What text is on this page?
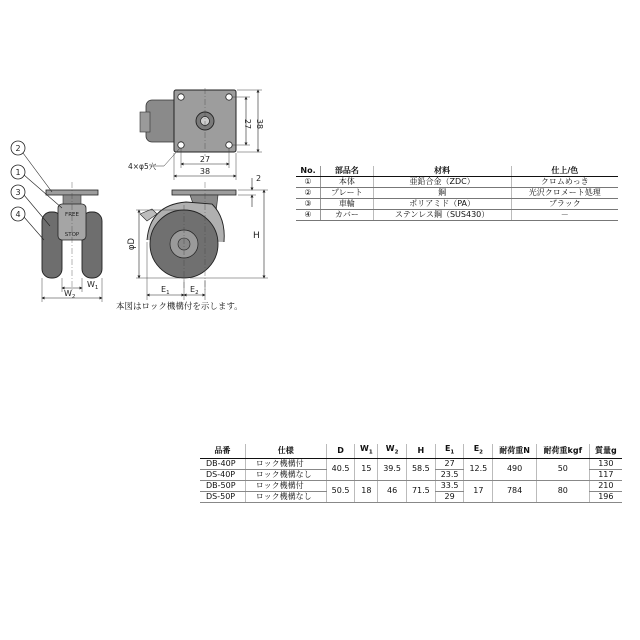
27 38
27
38
4×φ5穴
2
H
φD
$E_1$	$E_2$
FREE
STOP
$W_1$
$W_2$
2
1
3
4
本図はロック機構付を示します。
No.	部品名	材料	仕上/色
①	本体	亜鉛合金（ZDC）	クロムめっき
②	プレート	鋼	光沢クロメート処理
③	車輪	ポリアミド（PA）	ブラック
④	カバー	ステンレス鋼（SUS430）	－
品番	仕様	D	$W_1$	$W_2$	H	$E_1$	$E_2$	耐荷重N	耐荷重kgf	質量g
DB-40P	ロック機構付	40.5	15	39.5	58.5	27	12.5	490	50	130
DS-40P	ロック機構なし					23.5				117
DB-50P	ロック機構付	50.5	18	46	71.5	33.5	17	784	80	210
DS-50P	ロック機構なし					29				196
